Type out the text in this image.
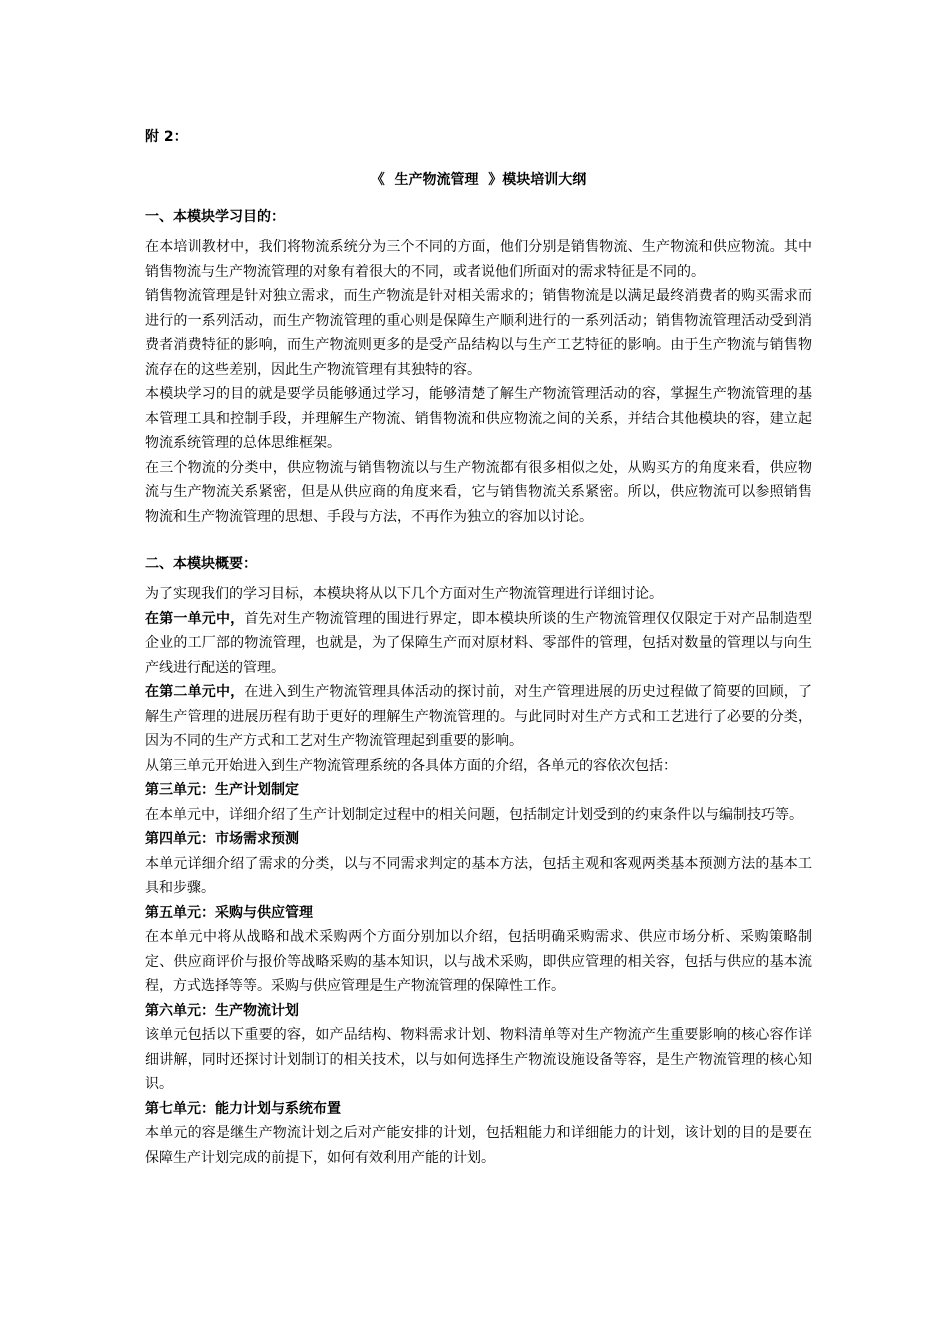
附 2：

《  生产物流管理  》模块培训大纲

一、本模块学习目的：

在本培训教材中，我们将物流系统分为三个不同的方面，他们分别是销售物流、生产物流和供应物流。其中销售物流与生产物流管理的对象有着很大的不同，或者说他们所面对的需求特征是不同的。

销售物流管理是针对独立需求，而生产物流是针对相关需求的；销售物流是以满足最终消费者的购买需求而进行的一系列活动，而生产物流管理的重心则是保障生产顺利进行的一系列活动；销售物流管理活动受到消费者消费特征的影响，而生产物流则更多的是受产品结构以与生产工艺特征的影响。由于生产物流与销售物流存在的这些差别，因此生产物流管理有其独特的容。

本模块学习的目的就是要学员能够通过学习，能够清楚了解生产物流管理活动的容，掌握生产物流管理的基本管理工具和控制手段，并理解生产物流、销售物流和供应物流之间的关系，并结合其他模块的容，建立起物流系统管理的总体思维框架。

在三个物流的分类中，供应物流与销售物流以与生产物流都有很多相似之处，从购买方的角度来看，供应物流与生产物流关系紧密，但是从供应商的角度来看，它与销售物流关系紧密。所以，供应物流可以参照销售物流和生产物流管理的思想、手段与方法，不再作为独立的容加以讨论。

二、本模块概要：

为了实现我们的学习目标，本模块将从以下几个方面对生产物流管理进行详细讨论。

在第一单元中，首先对生产物流管理的围进行界定，即本模块所谈的生产物流管理仅仅限定于对产品制造型企业的工厂部的物流管理，也就是，为了保障生产而对原材料、零部件的管理，包括对数量的管理以与向生产线进行配送的管理。

在第二单元中，在进入到生产物流管理具体活动的探讨前，对生产管理进展的历史过程做了简要的回顾，了解生产管理的进展历程有助于更好的理解生产物流管理的。与此同时对生产方式和工艺进行了必要的分类，因为不同的生产方式和工艺对生产物流管理起到重要的影响。

从第三单元开始进入到生产物流管理系统的各具体方面的介绍，各单元的容依次包括：

第三单元：生产计划制定

在本单元中，详细介绍了生产计划制定过程中的相关问题，包括制定计划受到的约束条件以与编制技巧等。

第四单元：市场需求预测

本单元详细介绍了需求的分类，以与不同需求判定的基本方法，包括主观和客观两类基本预测方法的基本工具和步骤。

第五单元：采购与供应管理

在本单元中将从战略和战术采购两个方面分别加以介绍，包括明确采购需求、供应市场分析、采购策略制定、供应商评价与报价等战略采购的基本知识，以与战术采购，即供应管理的相关容，包括与供应的基本流程，方式选择等等。采购与供应管理是生产物流管理的保障性工作。

第六单元：生产物流计划

该单元包括以下重要的容，如产品结构、物料需求计划、物料清单等对生产物流产生重要影响的核心容作详细讲解，同时还探讨计划制订的相关技术，以与如何选择生产物流设施设备等容，是生产物流管理的核心知识。

第七单元：能力计划与系统布置

本单元的容是继生产物流计划之后对产能安排的计划，包括粗能力和详细能力的计划，该计划的目的是要在保障生产计划完成的前提下，如何有效利用产能的计划。
